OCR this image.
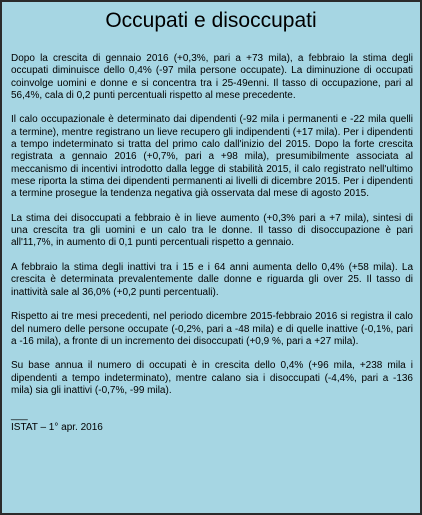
Occupati e disoccupati

Dopo la crescita di gennaio 2016 (+0,3%, pari a +73 mila), a febbraio la stima degli occupati diminuisce dello 0,4% (-97 mila persone occupate). La diminuzione di occupati coinvolge uomini e donne e si concentra tra i 25-49enni. Il tasso di occupazione, pari al 56,4%, cala di 0,2 punti percentuali rispetto al mese precedente.

Il calo occupazionale è determinato dai dipendenti (-92 mila i permanenti e -22 mila quelli a termine), mentre registrano un lieve recupero gli indipendenti (+17 mila). Per i dipendenti a tempo indeterminato si tratta del primo calo dall'inizio del 2015. Dopo la forte crescita registrata a gennaio 2016 (+0,7%, pari a +98 mila), presumibilmente associata al meccanismo di incentivi introdotto dalla legge di stabilità 2015, il calo registrato nell'ultimo mese riporta la stima dei dipendenti permanenti ai livelli di dicembre 2015. Per i dipendenti a termine prosegue la tendenza negativa già osservata dal mese di agosto 2015.

La stima dei disoccupati a febbraio è in lieve aumento (+0,3% pari a +7 mila), sintesi di una crescita tra gli uomini e un calo tra le donne. Il tasso di disoccupazione è pari all'11,7%, in aumento di 0,1 punti percentuali rispetto a gennaio.

A febbraio la stima degli inattivi tra i 15 e i 64 anni aumenta dello 0,4% (+58 mila). La crescita è determinata prevalentemente dalle donne e riguarda gli over 25. Il tasso di inattività sale al 36,0% (+0,2 punti percentuali).

Rispetto ai tre mesi precedenti, nel periodo dicembre 2015-febbraio 2016 si registra il calo del numero delle persone occupate (-0,2%, pari a -48 mila) e di quelle inattive (-0,1%, pari a -16 mila), a fronte di un incremento dei disoccupati (+0,9 %, pari a +27 mila).

Su base annua il numero di occupati è in crescita dello 0,4% (+96 mila, +238 mila i dipendenti a tempo indeterminato), mentre calano sia i disoccupati (-4,4%, pari a -136 mila) sia gli inattivi (-0,7%, -99 mila).

___
ISTAT – 1° apr. 2016
